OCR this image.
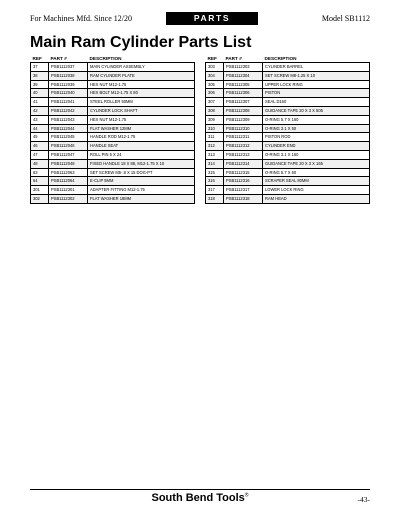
For Machines Mfd. Since 12/20	PARTS	Model SB1112
Main Ram Cylinder Parts List
REF	PART #	DESCRIPTION
37	PSB1112037	MAIN CYLINDER ASSEMBLY
38	PSB1112038	RAM CYLINDER PLATE
39	PSB1112039	HEX NUT M12-1.75
40	PSB1112040	HEX BOLT M12-1.75 X 80
41	PSB1112041	STEEL ROLLER 50MM
42	PSB1112042	CYLINDER LOCK SHAFT
43	PSB1112043	HEX NUT M12-1.75
44	PSB1112044	FLAT WASHER 12MM
45	PSB1112045	HANDLE ROD M12-1.75
46	PSB1112046	HANDLE SEAT
47	PSB1112047	ROLL PIN 5 X 24
48	PSB1112048	FIXED HANDLE 18 X 88, M12-1.75 X 10
63	PSB1112063	SET SCREW M5-.8 X 15 DOG-PT
64	PSB1112064	E-CLIP 5MM
301	PSB1112301	ADAPTER FITTING M12-1.75
302	PSB1112302	FLAT WASHER 18MM
REF	PART #	DESCRIPTION
303	PSB1112303	CYLINDER BARREL
304	PSB1112304	SET SCREW M8-1.25 X 10
305	PSB1112305	UPPER LOCK RING
306	PSB1112306	PISTON
307	PSB1112307	SEAL D160
308	PSB1112308	GUIDANCE TAPE 20 X 3 X 505
309	PSB1112309	O-RING 5.7 X 160
310	PSB1112310	O-RING 3.1 X 50
311	PSB1112311	PISTON ROD
312	PSB1112312	CYLINDER END
313	PSB1112313	O-RING 3.1 X 160
314	PSB1112314	GUIDANCE TAPE 20 X 3 X 165
315	PSB1112315	O-RING 5.7 X 60
316	PSB1112316	SCRAPER SEAL 80MM
317	PSB1112317	LOWER LOCK RING
318	PSB1112318	RAM HEAD
South Bend Tools®	-43-
